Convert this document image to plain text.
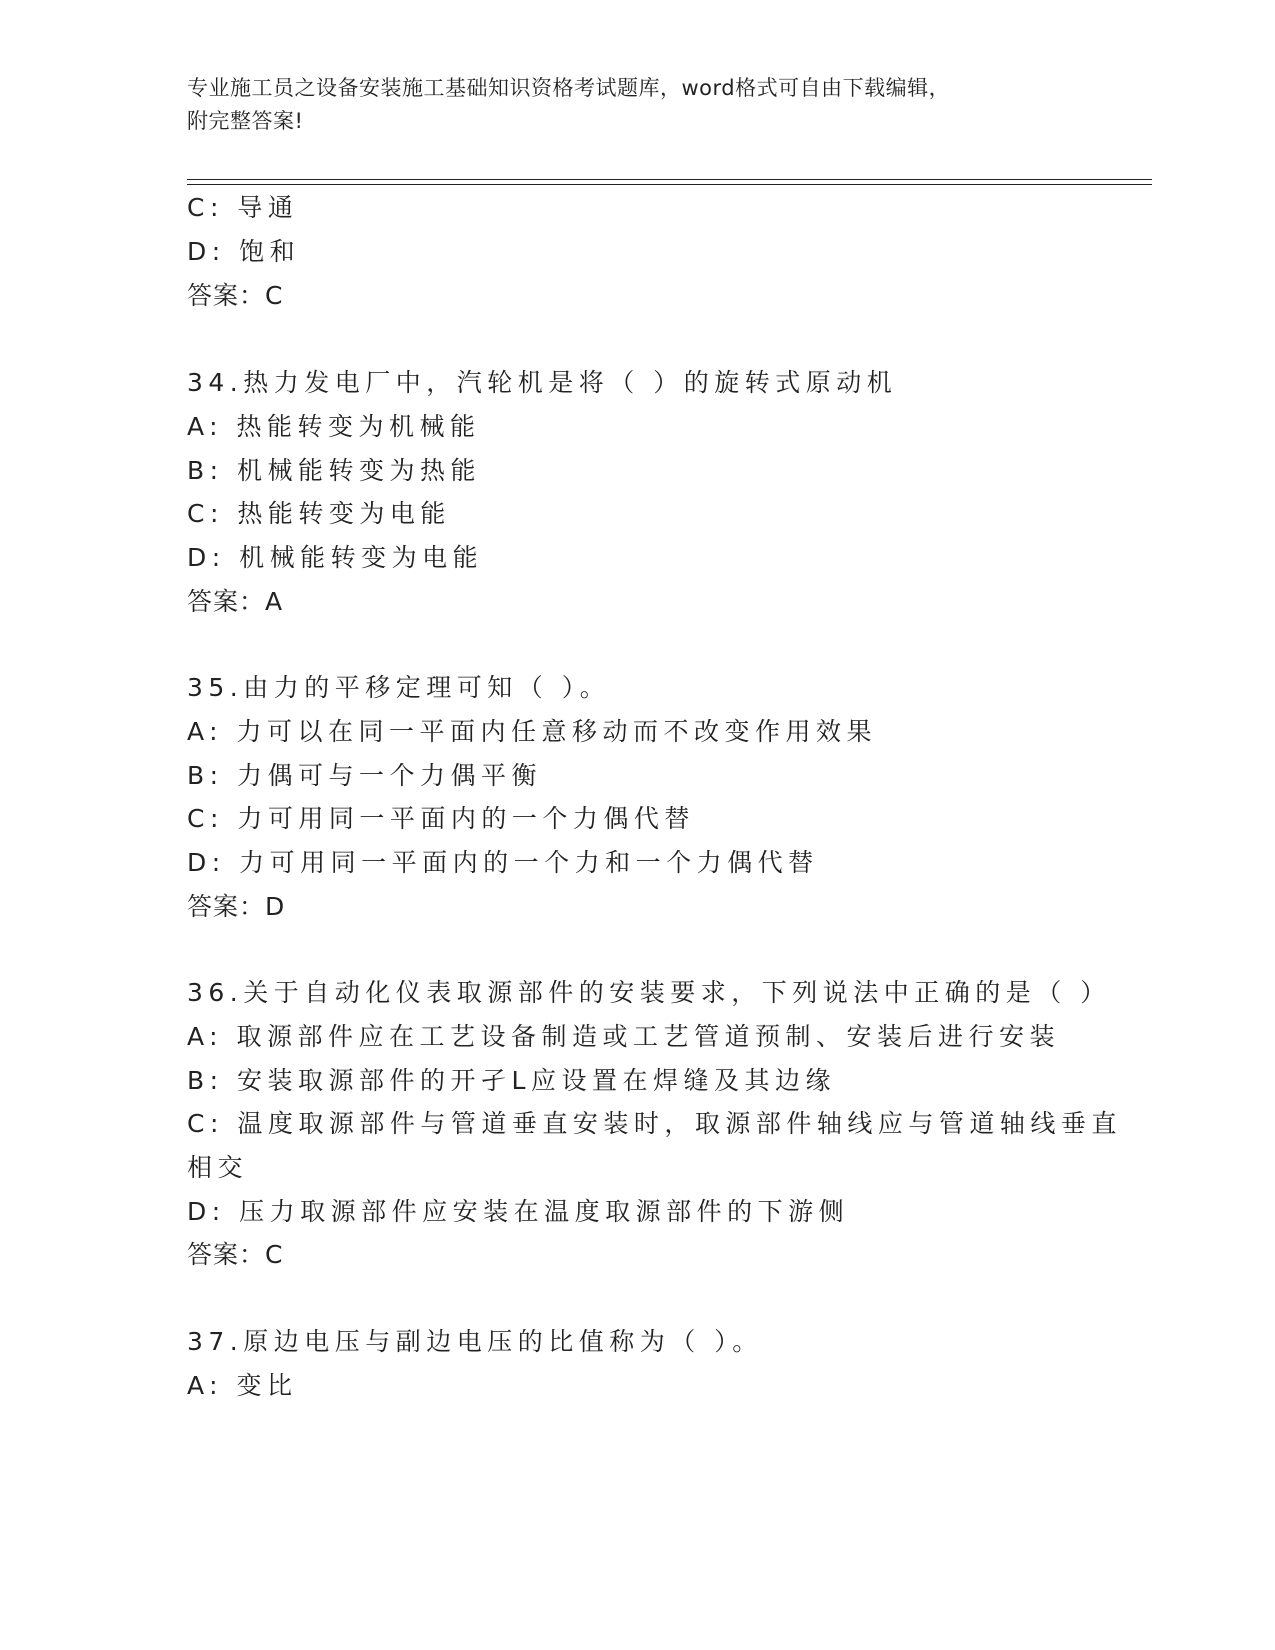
专业施工员之设备安装施工基础知识资格考试题库，word格式可自由下载编辑，
附完整答案!
C: 导通
D: 饱和
答案：C
34.热力发电厂中，汽轮机是将（ ）的旋转式原动机
A: 热能转变为机械能
B: 机械能转变为热能
C: 热能转变为电能
D: 机械能转变为电能
答案：A
35.由力的平移定理可知（ ）。
A: 力可以在同一平面内任意移动而不改变作用效果
B: 力偶可与一个力偶平衡
C: 力可用同一平面内的一个力偶代替
D: 力可用同一平面内的一个力和一个力偶代替
答案：D
36.关于自动化仪表取源部件的安装要求，下列说法中正确的是（ ）
A: 取源部件应在工艺设备制造或工艺管道预制、安装后进行安装
B: 安装取源部件的开孑L应设置在焊缝及其边缘
C: 温度取源部件与管道垂直安装时，取源部件轴线应与管道轴线垂直
相交
D: 压力取源部件应安装在温度取源部件的下游侧
答案：C
37.原边电压与副边电压的比值称为（ ）。
A: 变比
